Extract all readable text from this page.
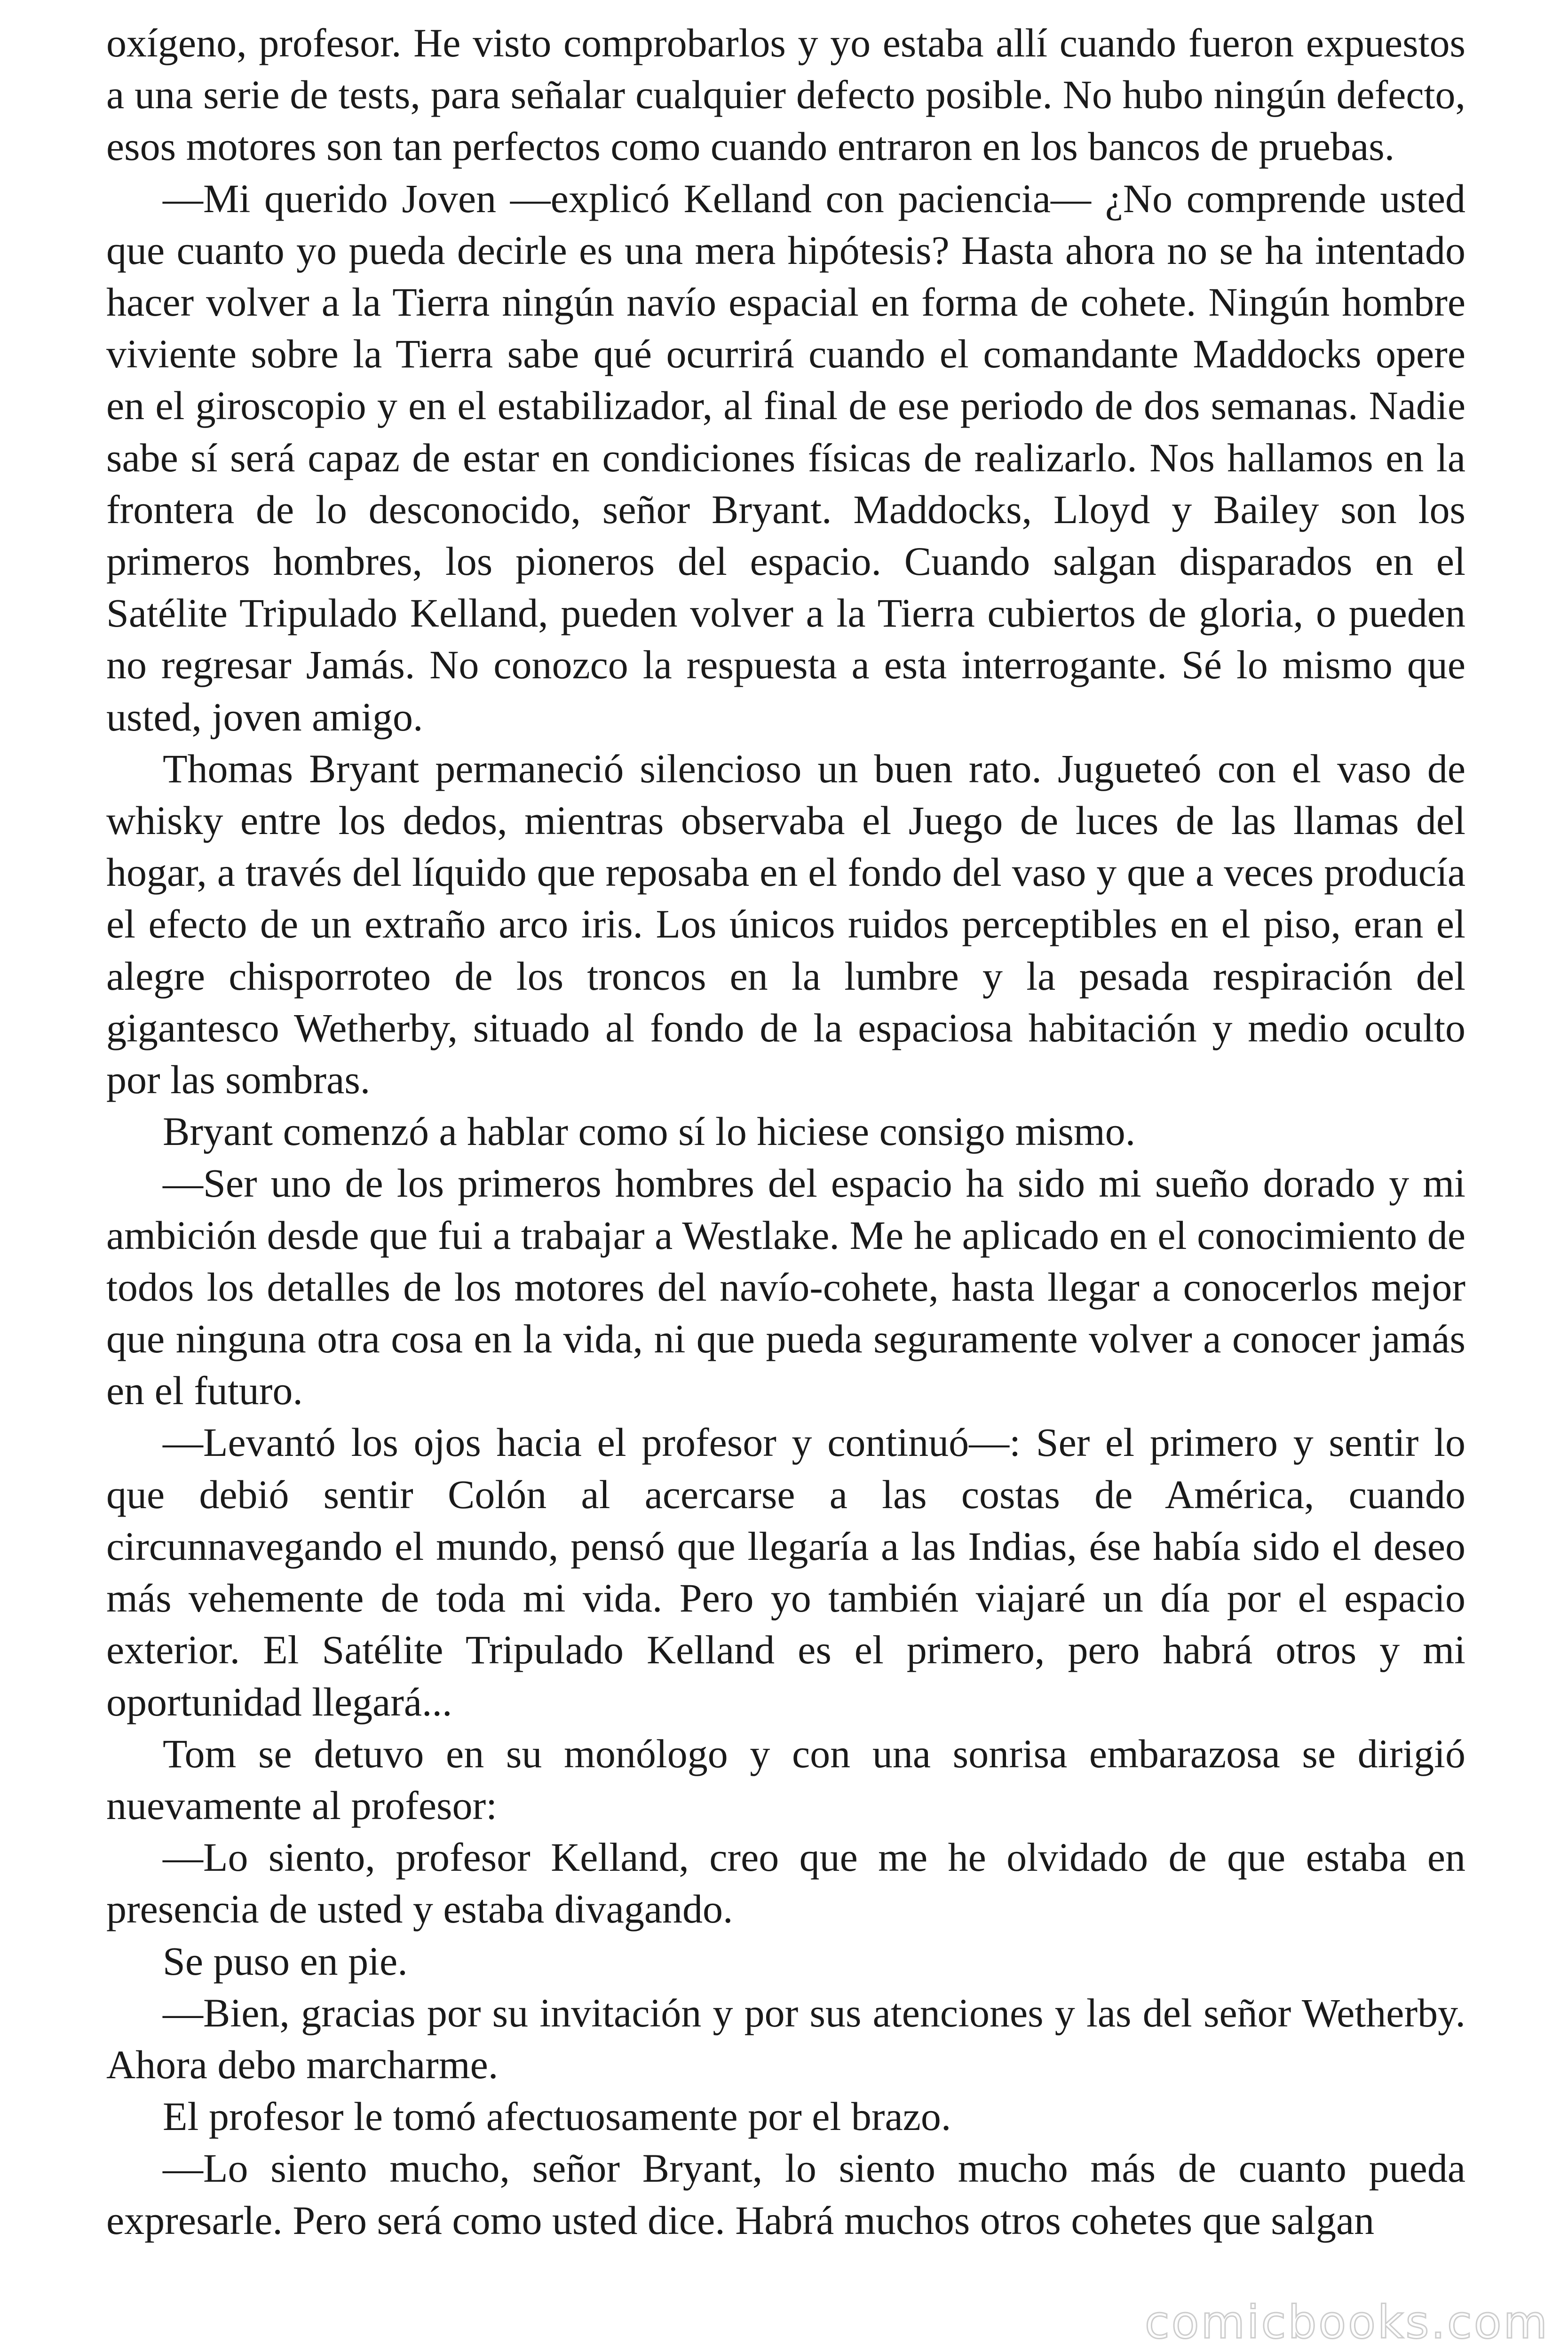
oxígeno, profesor. He visto comprobarlos y yo estaba allí cuando fueron expuestos a una serie de tests, para señalar cualquier defecto posible. No hubo ningún defecto, esos motores son tan perfectos como cuando entraron en los bancos de pruebas.

—Mi querido Joven —explicó Kelland con paciencia— ¿No comprende usted que cuanto yo pueda decirle es una mera hipótesis? Hasta ahora no se ha intentado hacer volver a la Tierra ningún navío espacial en forma de cohete. Ningún hombre viviente sobre la Tierra sabe qué ocurrirá cuando el comandante Maddocks opere en el giroscopio y en el estabilizador, al final de ese periodo de dos semanas. Nadie sabe sí será capaz de estar en condiciones físicas de realizarlo. Nos hallamos en la frontera de lo desconocido, señor Bryant. Maddocks, Lloyd y Bailey son los primeros hombres, los pioneros del espacio. Cuando salgan disparados en el Satélite Tripulado Kelland, pueden volver a la Tierra cubiertos de gloria, o pueden no regresar Jamás. No conozco la respuesta a esta interrogante. Sé lo mismo que usted, joven amigo.

Thomas Bryant permaneció silencioso un buen rato. Jugueteó con el vaso de whisky entre los dedos, mientras observaba el Juego de luces de las llamas del hogar, a través del líquido que reposaba en el fondo del vaso y que a veces producía el efecto de un extraño arco iris. Los únicos ruidos perceptibles en el piso, eran el alegre chisporroteo de los troncos en la lumbre y la pesada respiración del gigantesco Wetherby, situado al fondo de la espaciosa habitación y medio oculto por las sombras.

Bryant comenzó a hablar como sí lo hiciese consigo mismo.

—Ser uno de los primeros hombres del espacio ha sido mi sueño dorado y mi ambición desde que fui a trabajar a Westlake. Me he aplicado en el conocimiento de todos los detalles de los motores del navío-cohete, hasta llegar a conocerlos mejor que ninguna otra cosa en la vida, ni que pueda seguramente volver a conocer jamás en el futuro.

—Levantó los ojos hacia el profesor y continuó—: Ser el primero y sentir lo que debió sentir Colón al acercarse a las costas de América, cuando circunnavegando el mundo, pensó que llegaría a las Indias, ése había sido el deseo más vehemente de toda mi vida. Pero yo también viajaré un día por el espacio exterior. El Satélite Tripulado Kelland es el primero, pero habrá otros y mi oportunidad llegará...

Tom se detuvo en su monólogo y con una sonrisa embarazosa se dirigió nuevamente al profesor:

—Lo siento, profesor Kelland, creo que me he olvidado de que estaba en presencia de usted y estaba divagando.

Se puso en pie.

—Bien, gracias por su invitación y por sus atenciones y las del señor Wetherby. Ahora debo marcharme.

El profesor le tomó afectuosamente por el brazo.

—Lo siento mucho, señor Bryant, lo siento mucho más de cuanto pueda expresarle. Pero será como usted dice. Habrá muchos otros cohetes que salgan

comicbooks.com
